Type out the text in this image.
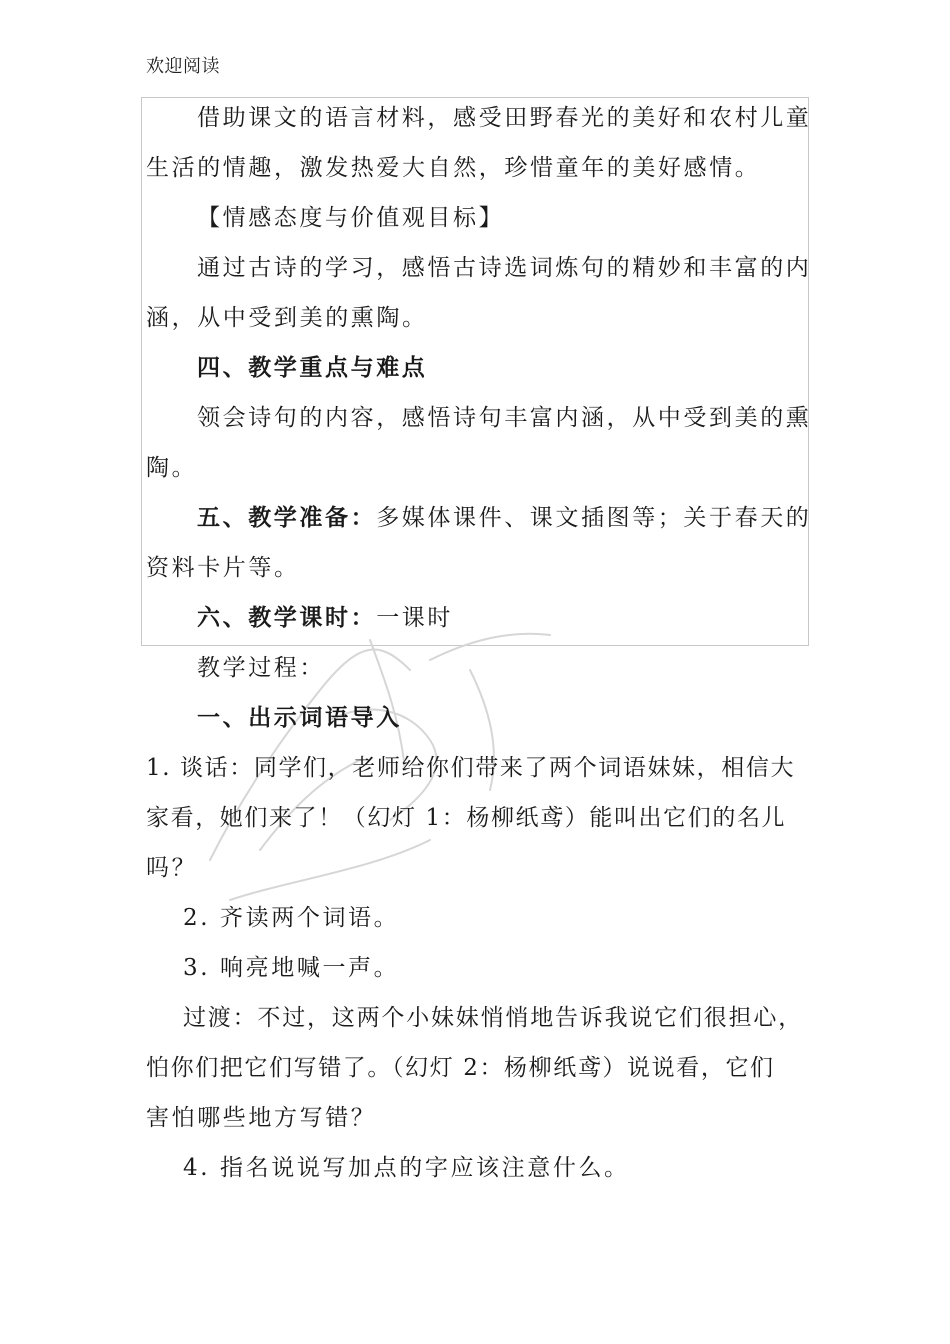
欢迎阅读
借助课文的语言材料，感受田野春光的美好和农村儿童
生活的情趣，激发热爱大自然，珍惜童年的美好感情。
【情感态度与价值观目标】
通过古诗的学习，感悟古诗选词炼句的精妙和丰富的内
涵，从中受到美的熏陶。
四、教学重点与难点
领会诗句的内容，感悟诗句丰富内涵，从中受到美的熏
陶。
五、教学准备：多媒体课件、课文插图等；关于春天的
资料卡片等。
六、教学课时：一课时
教学过程：
一、出示词语导入
1. 谈话：同学们，老师给你们带来了两个词语妹妹，相信大
家看，她们来了！（幻灯 1：杨柳纸鸢）能叫出它们的名儿
吗？
2. 齐读两个词语。
3. 响亮地喊一声。
过渡：不过，这两个小妹妹悄悄地告诉我说它们很担心，
怕你们把它们写错了。（幻灯 2：杨柳纸鸢）说说看，它们
害怕哪些地方写错？
4. 指名说说写加点的字应该注意什么。
